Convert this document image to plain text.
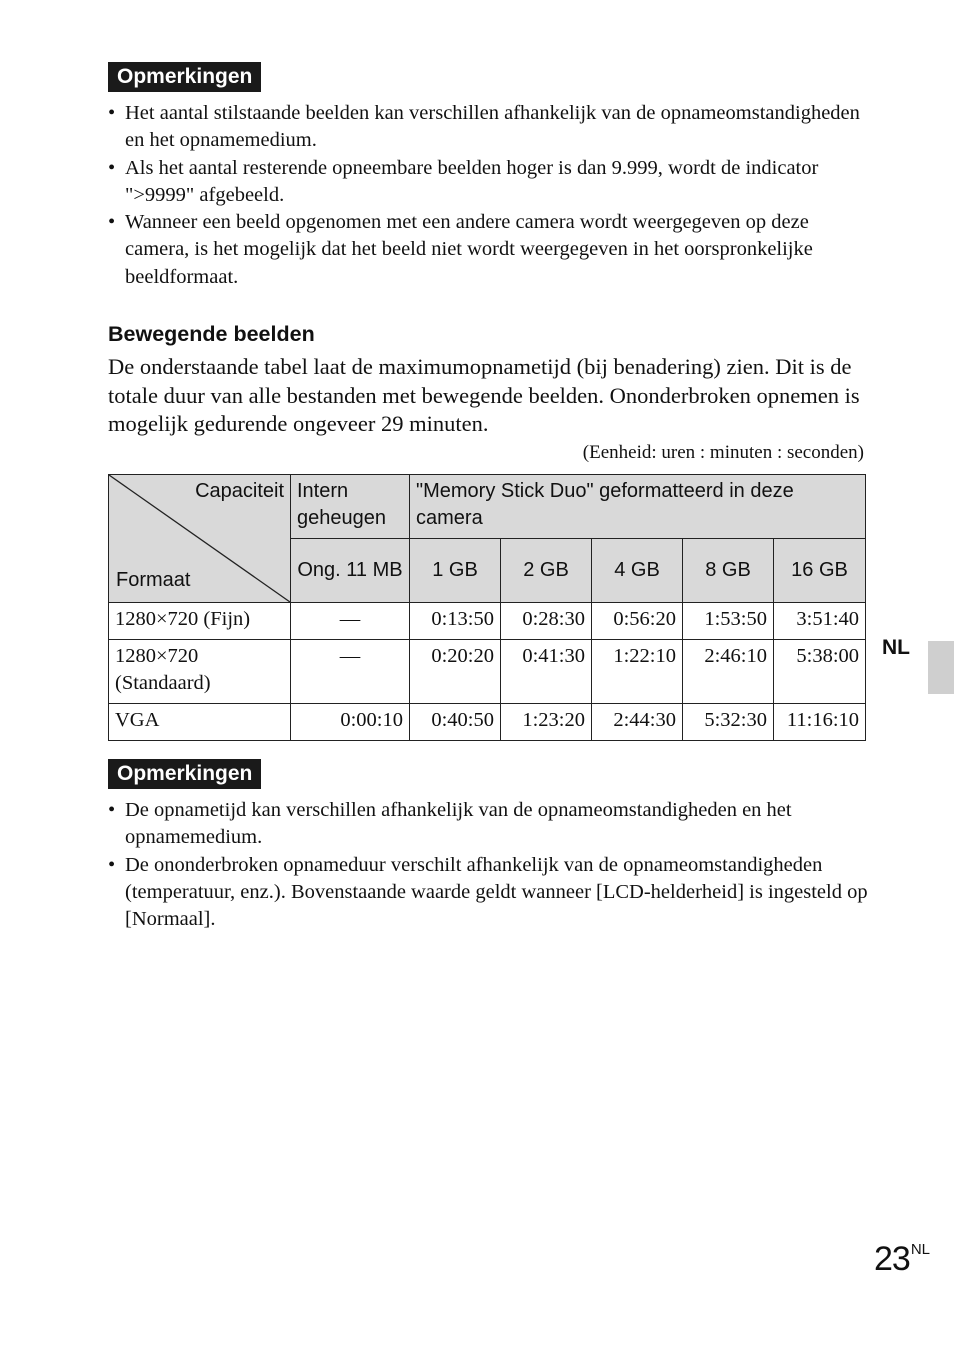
Opmerkingen
• Het aantal stilstaande beelden kan verschillen afhankelijk van de opnameomstandigheden en het opnamemedium.
• Als het aantal resterende opneembare beelden hoger is dan 9.999, wordt de indicator ">9999" afgebeeld.
• Wanneer een beeld opgenomen met een andere camera wordt weergegeven op deze camera, is het mogelijk dat het beeld niet wordt weergegeven in het oorspronkelijke beeldformaat.
Bewegende beelden
De onderstaande tabel laat de maximumopnametijd (bij benadering) zien. Dit is de totale duur van alle bestanden met bewegende beelden. Ononderbroken opnemen is mogelijk gedurende ongeveer 29 minuten.
(Eenheid: uren : minuten : seconden)
Capaciteit
Formaat	Intern geheugen	"Memory Stick Duo" geformatteerd in deze camera				
	Ong. 11 MB	1 GB	2 GB	4 GB	8 GB	16 GB
1280×720 (Fijn)	—	0:13:50	0:28:30	0:56:20	1:53:50	3:51:40
1280×720 (Standaard)	—	0:20:20	0:41:30	1:22:10	2:46:10	5:38:00
VGA	0:00:10	0:40:50	1:23:20	2:44:30	5:32:30	11:16:10
Opmerkingen
• De opnametijd kan verschillen afhankelijk van de opnameomstandigheden en het opnamemedium.
• De ononderbroken opnameduur verschilt afhankelijk van de opnameomstandigheden (temperatuur, enz.). Bovenstaande waarde geldt wanneer [LCD-helderheid] is ingesteld op [Normaal].
NL
23NL
